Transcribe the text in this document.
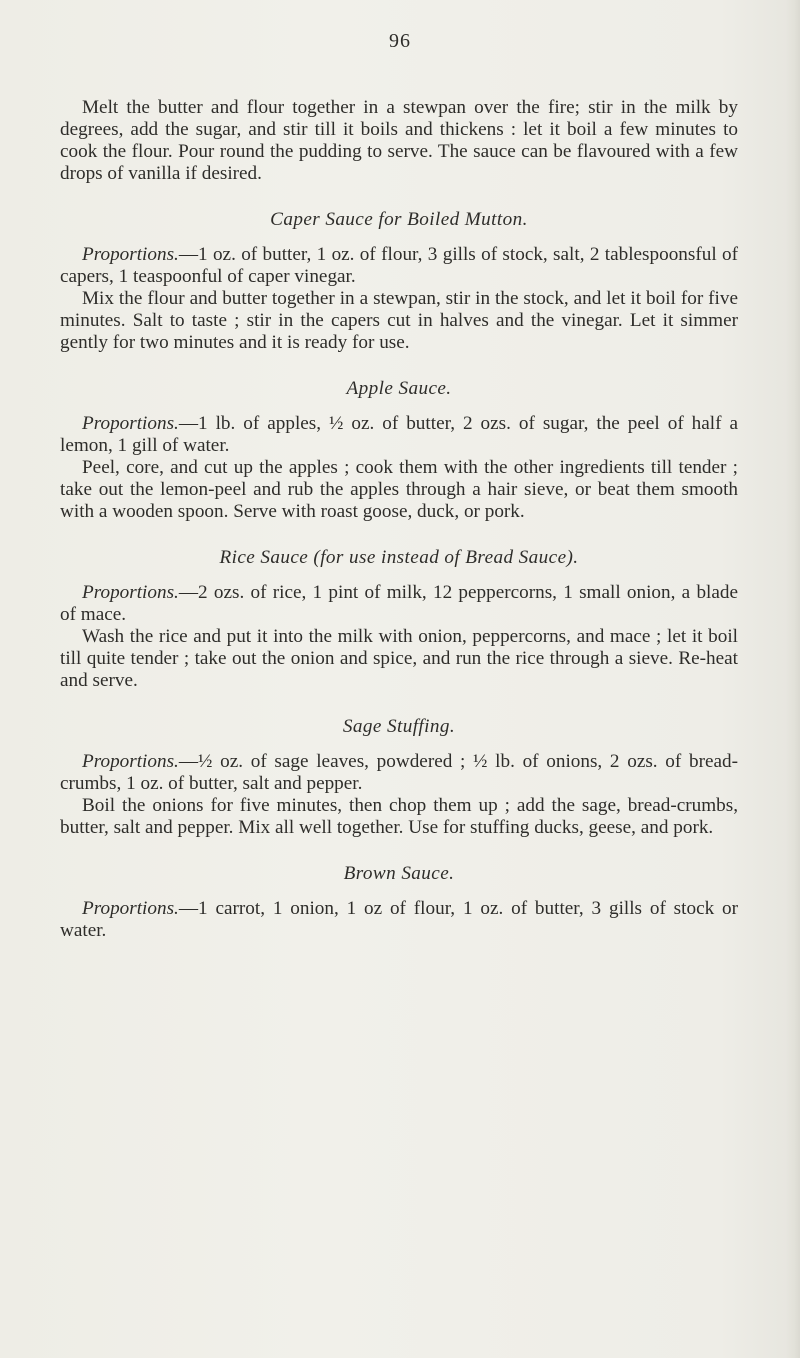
96

Melt the butter and flour together in a stewpan over the fire; stir in the milk by degrees, add the sugar, and stir till it boils and thickens : let it boil a few minutes to cook the flour. Pour round the pudding to serve. The sauce can be flavoured with a few drops of vanilla if desired.

Caper Sauce for Boiled Mutton.

Proportions.—1 oz. of butter, 1 oz. of flour, 3 gills of stock, salt, 2 tablespoonsful of capers, 1 teaspoonful of caper vinegar.

Mix the flour and butter together in a stewpan, stir in the stock, and let it boil for five minutes. Salt to taste ; stir in the capers cut in halves and the vinegar. Let it simmer gently for two minutes and it is ready for use.

Apple Sauce.

Proportions.—1 lb. of apples, ½ oz. of butter, 2 ozs. of sugar, the peel of half a lemon, 1 gill of water.

Peel, core, and cut up the apples ; cook them with the other ingredients till tender ; take out the lemon-peel and rub the apples through a hair sieve, or beat them smooth with a wooden spoon. Serve with roast goose, duck, or pork.

Rice Sauce (for use instead of Bread Sauce).

Proportions.—2 ozs. of rice, 1 pint of milk, 12 peppercorns, 1 small onion, a blade of mace.

Wash the rice and put it into the milk with onion, peppercorns, and mace ; let it boil till quite tender ; take out the onion and spice, and run the rice through a sieve. Re-heat and serve.

Sage Stuffing.

Proportions.—½ oz. of sage leaves, powdered ; ½ lb. of onions, 2 ozs. of bread-crumbs, 1 oz. of butter, salt and pepper.

Boil the onions for five minutes, then chop them up ; add the sage, bread-crumbs, butter, salt and pepper. Mix all well together. Use for stuffing ducks, geese, and pork.

Brown Sauce.

Proportions.—1 carrot, 1 onion, 1 oz of flour, 1 oz. of butter, 3 gills of stock or water.
